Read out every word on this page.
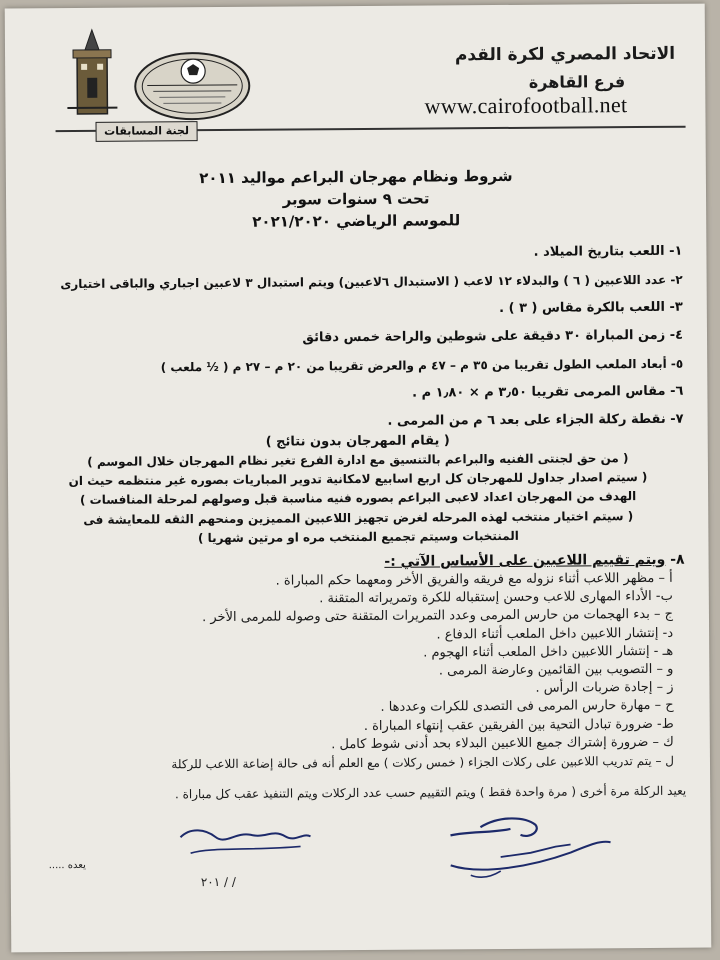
الاتحاد المصري لكرة القدم
فرع القاهرة
www.cairofootball.net
لجنة المسابقات
شروط ونظام مهرجان البراعم مواليد ٢٠١١
تحت ٩ سنوات سوبر
للموسم الرياضي ٢٠٢١/٢٠٢٠
١- اللعب بتاريخ الميلاد .
٢- عدد اللاعبين ( ٦ ) والبدلاء ١٢ لاعب ( الاستبدال ٦لاعبين) ويتم استبدال ٣ لاعبين اجباري والباقى اختيارى
٣- اللعب بالكرة مقاس ( ٣ ) .
٤- زمن المباراة ٣٠ دقيقة على شوطين والراحة خمس دقائق
٥- أبعاد الملعب الطول تقريبا من ٣٥ م – ٤٧ م والعرض تقريبا من ٢٠ م – ٢٧ م ( ½ ملعب )
٦- مقاس المرمى تقريبا ٣٫٥٠ م × ١٫٨٠ م .
٧- نقطة ركلة الجزاء على بعد ٦ م من المرمى .
( يقام المهرجان بدون نتائج )
( من حق لجنتى الفنيه والبراعم بالتنسيق مع ادارة الفرع تغير نظام المهرجان خلال الموسم )
( سيتم اصدار جداول للمهرجان كل اربع اسابيع لامكانية تدوير المباريات بصوره غير منتظمه حيث ان
الهدف من المهرجان اعداد لاعبى البراعم بصوره فنيه مناسبة قبل وصولهم لمرحلة المنافسات )
( سيتم اختيار منتخب لهذه المرحله لغرض تجهيز اللاعبين المميزين ومنحهم الثقه للمعايشة فى
المنتخبات وسيتم تجميع المنتخب مره او مرتين شهريا )
٨- ويتم تقييم اللاعبين على الأساس الآتي :-
أ – مظهر اللاعب أثناء نزوله مع فريقه والفريق الأخر ومعهما حكم المباراة .
ب- الأداء المهارى للاعب وحسن إستقباله للكرة وتمريراته المتقنة .
ج – بدء الهجمات من حارس المرمى وعدد التمريرات المتقنة حتى وصوله للمرمى الأخر .
د- إنتشار اللاعبين داخل الملعب أثناء الدفاع .
هـ - إنتشار اللاعبين داخل الملعب أثناء الهجوم .
و – التصويب بين القائمين وعارضة المرمى .
ز – إجادة ضربات الرأس .
ح – مهارة حارس المرمى فى التصدى للكرات وعددها .
ط- ضرورة تبادل التحية بين الفريقين عقب إنتهاء المباراة .
ك – ضرورة إشتراك جميع اللاعبين البدلاء بحد أدنى شوط كامل .
ل – يتم تدريب اللاعبين على ركلات الجزاء ( خمس ركلات ) مع العلم أنه فى حالة إضاعة اللاعب للركلة
يعيد الركلة مرة أخرى ( مرة واحدة فقط ) ويتم التقييم حسب عدد الركلات ويتم التنفيذ عقب كل مباراة .
يعده .....
٢٠١ / /
